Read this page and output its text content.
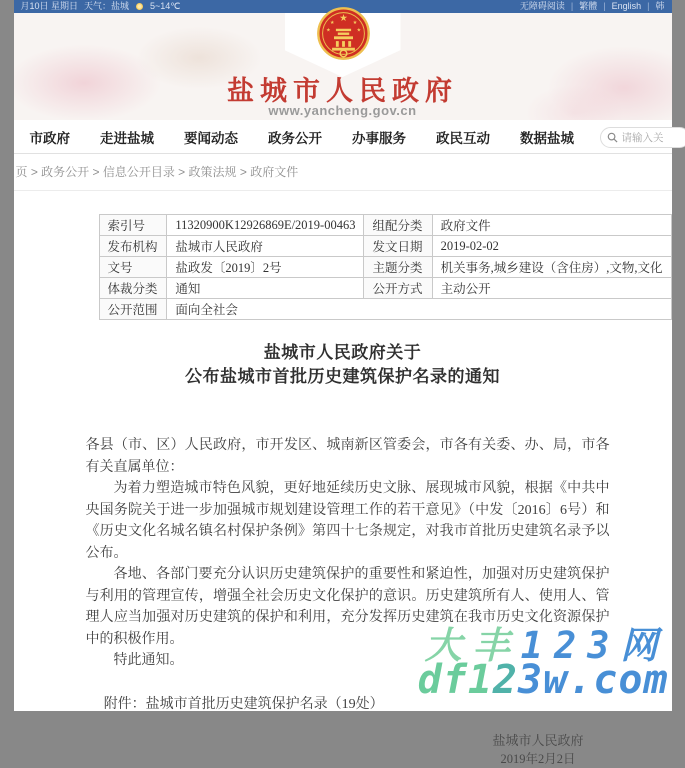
月10日 星期日 天气：盐城 5~14℃	无障碍阅读 | 繁體 | English | 韩
盐城市人民政府
www.yancheng.gov.cn
★
★	★
★	★
市政府 走进盐城 要闻动态 政务公开 办事服务 政民互动 数据盐城	请输入关
页 > 政务公开 > 信息公开目录 > 政策法规 > 政府文件
索引号	11320900K12926869E/2019-00463	组配分类	政府文件
发布机构	盐城市人民政府	发文日期	2019-02-02
文号	盐政发〔2019〕2号	主题分类	机关事务,城乡建设（含住房）,文物,文化
体裁分类	通知	公开方式	主动公开
公开范围	面向全社会		
盐城市人民政府关于
公布盐城市首批历史建筑保护名录的通知

各县（市、区）人民政府，市开发区、城南新区管委会，市各有关委、办、局，市各有关直属单位：

为着力塑造城市特色风貌，更好地延续历史文脉、展现城市风貌，根据《中共中央国务院关于进一步加强城市规划建设管理工作的若干意见》（中发〔2016〕6号）和《历史文化名城名镇名村保护条例》第四十七条规定，对我市首批历史建筑名录予以公布。

各地、各部门要充分认识历史建筑保护的重要性和紧迫性，加强对历史建筑保护与利用的管理宣传，增强全社会历史文化保护的意识。历史建筑所有人、使用人、管理人应当加强对历史建筑的保护和利用，充分发挥历史建筑在我市历史文化资源保护中的积极作用。

特此通知。

附件：盐城市首批历史建筑保护名录（19处）

盐城市人民政府
2019年2月2日
大丰123网
df123w.com
